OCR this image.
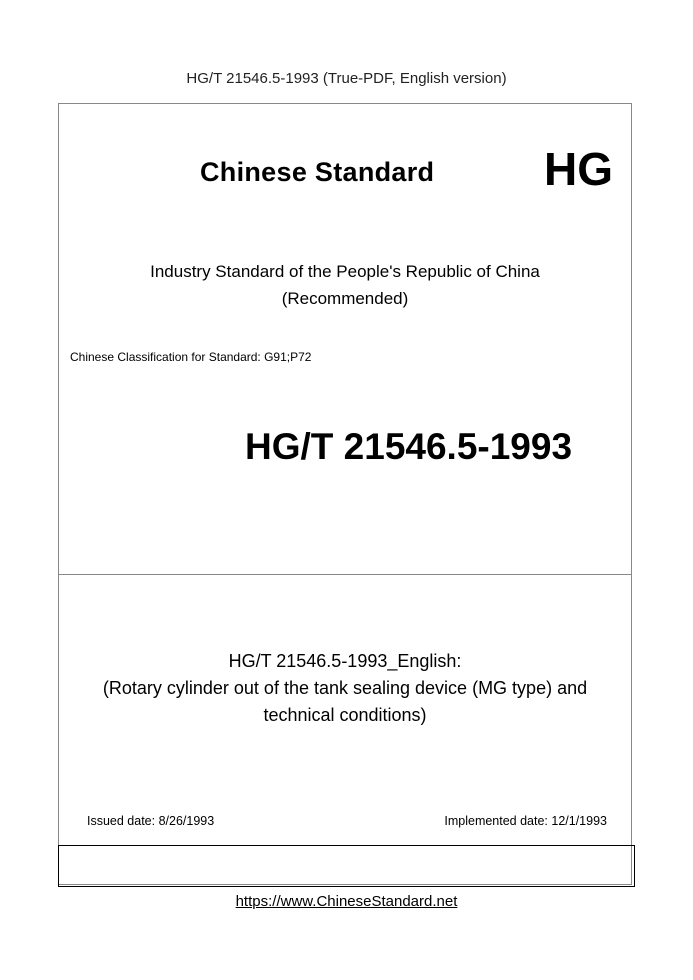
HG/T 21546.5-1993 (True-PDF, English version)
Chinese Standard HG
Industry Standard of the People's Republic of China
(Recommended)
Chinese Classification for Standard: G91;P72
HG/T 21546.5-1993
HG/T 21546.5-1993_English:
(Rotary cylinder out of the tank sealing device (MG type) and
technical conditions)
Issued date: 8/26/1993	Implemented date: 12/1/1993
https://www.ChineseStandard.net
